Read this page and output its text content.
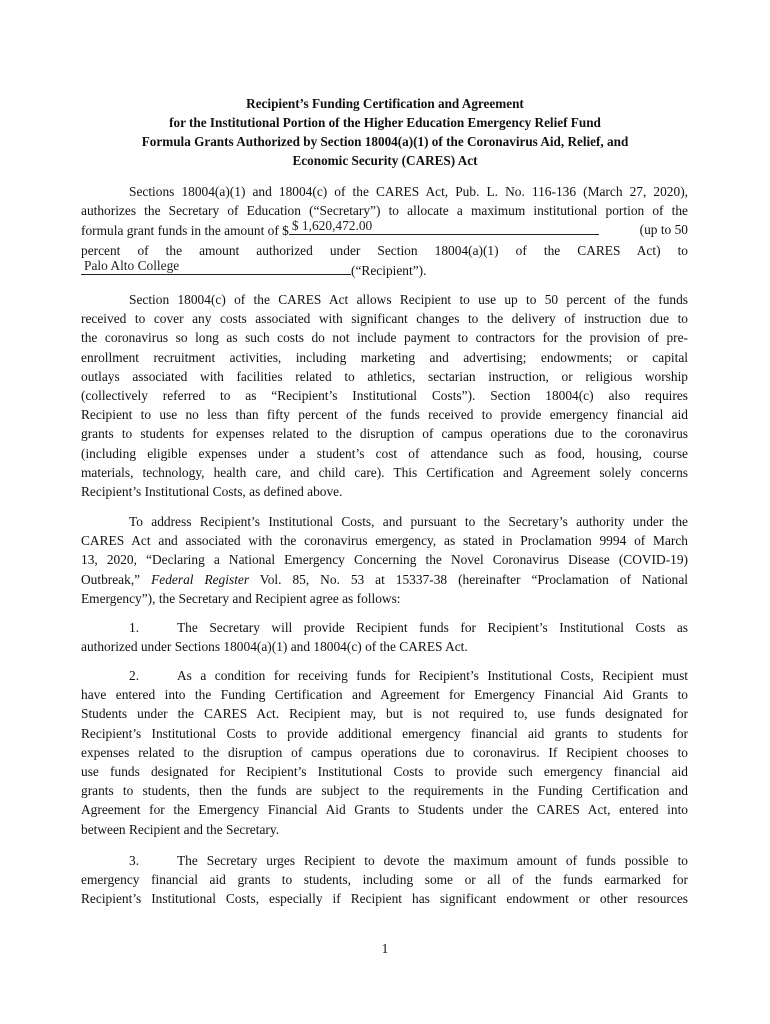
Recipient’s Funding Certification and Agreement
for the Institutional Portion of the Higher Education Emergency Relief Fund
Formula Grants Authorized by Section 18004(a)(1) of the Coronavirus Aid, Relief, and
Economic Security (CARES) Act
Sections 18004(a)(1) and 18004(c) of the CARES Act, Pub. L. No. 116-136 (March 27, 2020),
authorizes the Secretary of Education (“Secretary”) to allocate a maximum institutional portion of the
formula grant funds in the amount of $ $ 1,620,472.00	(up to 50
percent of the amount authorized under Section 18004(a)(1) of the CARES Act) to
Palo Alto College	(“Recipient”).
Section 18004(c) of the CARES Act allows Recipient to use up to 50 percent of the funds
received to cover any costs associated with significant changes to the delivery of instruction due to
the coronavirus so long as such costs do not include payment to contractors for the provision of pre-
enrollment recruitment activities, including marketing and advertising; endowments; or capital
outlays associated with facilities related to athletics, sectarian instruction, or religious worship
(collectively referred to as “Recipient’s Institutional Costs”). Section 18004(c) also requires
Recipient to use no less than fifty percent of the funds received to provide emergency financial aid
grants to students for expenses related to the disruption of campus operations due to the coronavirus
(including eligible expenses under a student’s cost of attendance such as food, housing, course
materials, technology, health care, and child care). This Certification and Agreement solely concerns
Recipient’s Institutional Costs, as defined above.
To address Recipient’s Institutional Costs, and pursuant to the Secretary’s authority under the
CARES Act and associated with the coronavirus emergency, as stated in Proclamation 9994 of March
13, 2020, “Declaring a National Emergency Concerning the Novel Coronavirus Disease (COVID-19)
Outbreak,” Federal Register Vol. 85, No. 53 at 15337-38 (hereinafter “Proclamation of National
Emergency”), the Secretary and Recipient agree as follows:
1.	The Secretary will provide Recipient funds for Recipient’s Institutional Costs as
authorized under Sections 18004(a)(1) and 18004(c) of the CARES Act.
2.	As a condition for receiving funds for Recipient’s Institutional Costs, Recipient must
have entered into the Funding Certification and Agreement for Emergency Financial Aid Grants to
Students under the CARES Act. Recipient may, but is not required to, use funds designated for
Recipient’s Institutional Costs to provide additional emergency financial aid grants to students for
expenses related to the disruption of campus operations due to coronavirus. If Recipient chooses to
use funds designated for Recipient’s Institutional Costs to provide such emergency financial aid
grants to students, then the funds are subject to the requirements in the Funding Certification and
Agreement for the Emergency Financial Aid Grants to Students under the CARES Act, entered into
between Recipient and the Secretary.
3.	The Secretary urges Recipient to devote the maximum amount of funds possible to
emergency financial aid grants to students, including some or all of the funds earmarked for
Recipient’s Institutional Costs, especially if Recipient has significant endowment or other resources
1
